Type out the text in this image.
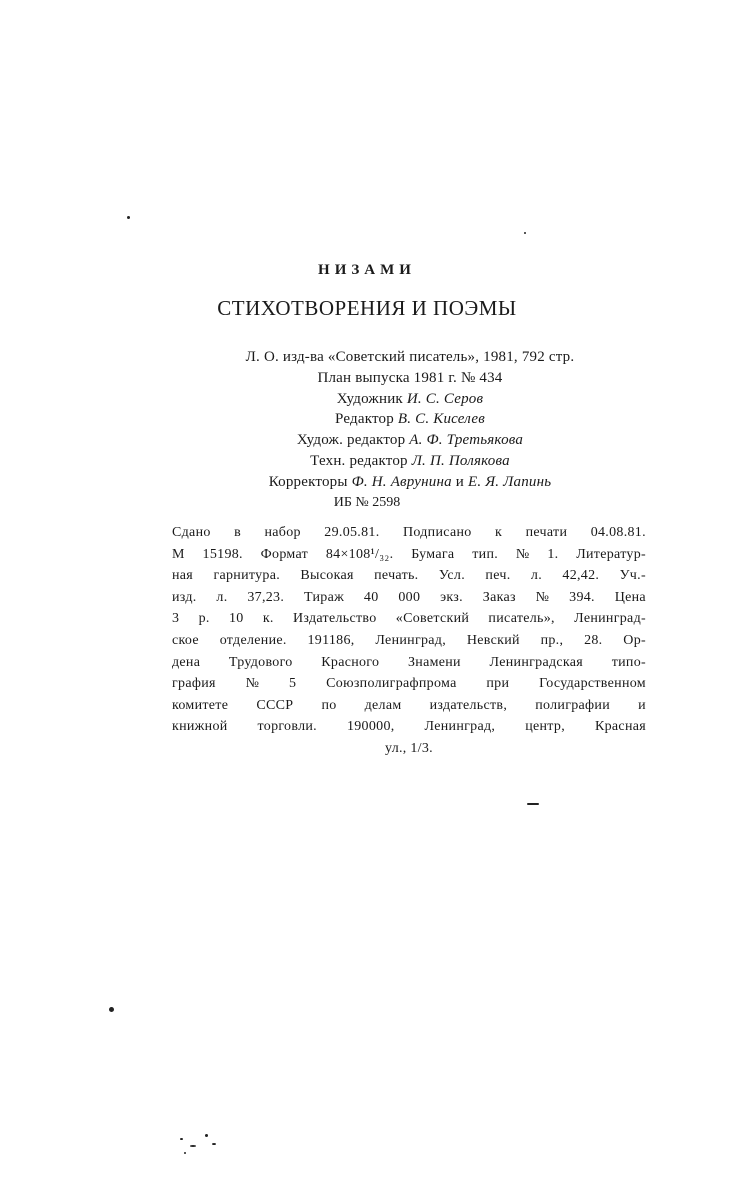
НИЗАМИ
СТИХОТВОРЕНИЯ И ПОЭМЫ
Л. О. изд-ва «Советский писатель», 1981, 792 стр.
План выпуска 1981 г. № 434
Художник И. С. Серов
Редактор В. С. Киселев
Худож. редактор А. Ф. Третьякова
Техн. редактор Л. П. Полякова
Корректоры Ф. Н. Аврунина и Е. Я. Лапинь
ИБ № 2598
Сдано в набор 29.05.81. Подписано к печати 04.08.81.
М 15198. Формат 84×108¹/₃₂. Бумага тип. № 1. Литератур-
ная гарнитура. Высокая печать. Усл. печ. л. 42,42. Уч.-
изд. л. 37,23. Тираж 40 000 экз. Заказ № 394. Цена
3 р. 10 к. Издательство «Советский писатель», Ленинград-
ское отделение. 191186, Ленинград, Невский пр., 28. Ор-
дена Трудового Красного Знамени Ленинградская типо-
графия № 5 Союзполиграфпрома при Государственном
комитете СССР по делам издательств, полиграфии и
книжной торговли. 190000, Ленинград, центр, Красная
ул., 1/3.
